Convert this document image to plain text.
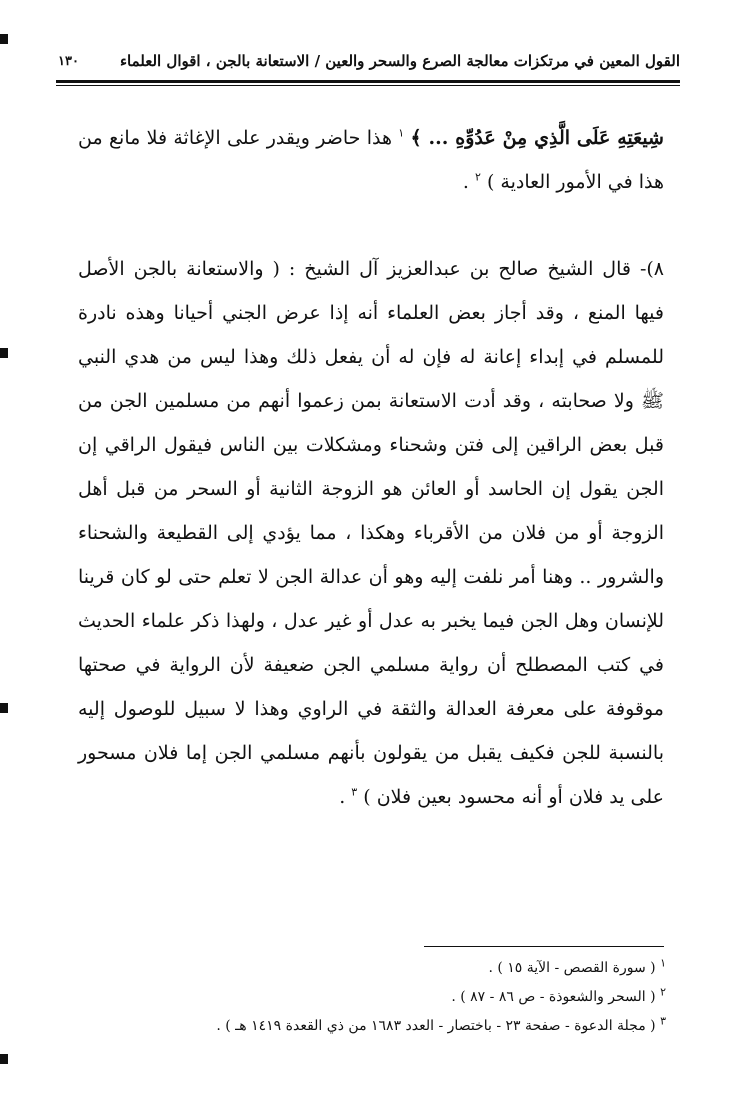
القول المعين في مرتكزات معالجة الصرع والسحر والعين / الاستعانة بالجن ، اقوال العلماء
١٣٠
شِيعَتِهِ عَلَى الَّذِي مِنْ عَدُوِّهِ ... ﴾ $^١$ هذا حاضر ويقدر على الإغاثة فلا مانع من هذا في الأمور العادية ) $^٢$ .
٨)- قال الشيخ صالح بن عبدالعزيز آل الشيخ : ( والاستعانة بالجن الأصل فيها المنع ، وقد أجاز بعض العلماء أنه إذا عرض الجني أحيانا وهذه نادرة للمسلم في إبداء إعانة له فإن له أن يفعل ذلك وهذا ليس من هدي النبي ﷺ ولا صحابته ، وقد أدت الاستعانة بمن زعموا أنهم من مسلمين الجن من قبل بعض الراقين إلى فتن وشحناء ومشكلات بين الناس فيقول الراقي إن الجن يقول إن الحاسد أو العائن هو الزوجة الثانية أو السحر من قبل أهل الزوجة أو من فلان من الأقرباء وهكذا ، مما يؤدي إلى القطيعة والشحناء والشرور .. وهنا أمر نلفت إليه وهو أن عدالة الجن لا تعلم حتى لو كان قرينا للإنسان وهل الجن فيما يخبر به عدل أو غير عدل ، ولهذا ذكر علماء الحديث في كتب المصطلح أن رواية مسلمي الجن ضعيفة لأن الرواية في صحتها موقوفة على معرفة العدالة والثقة في الراوي وهذا لا سبيل للوصول إليه بالنسبة للجن فكيف يقبل من يقولون بأنهم مسلمي الجن إما فلان مسحور على يد فلان أو أنه محسود بعين فلان ) $^٣$ .
$^١$ ( سورة القصص - الآية ١٥ ) .
$^٢$ ( السحر والشعوذة - ص ٨٦ - ٨٧ ) .
$^٣$ ( مجلة الدعوة - صفحة ٢٣ - باختصار - العدد ١٦٨٣ من ذي القعدة ١٤١٩ هـ ) .
